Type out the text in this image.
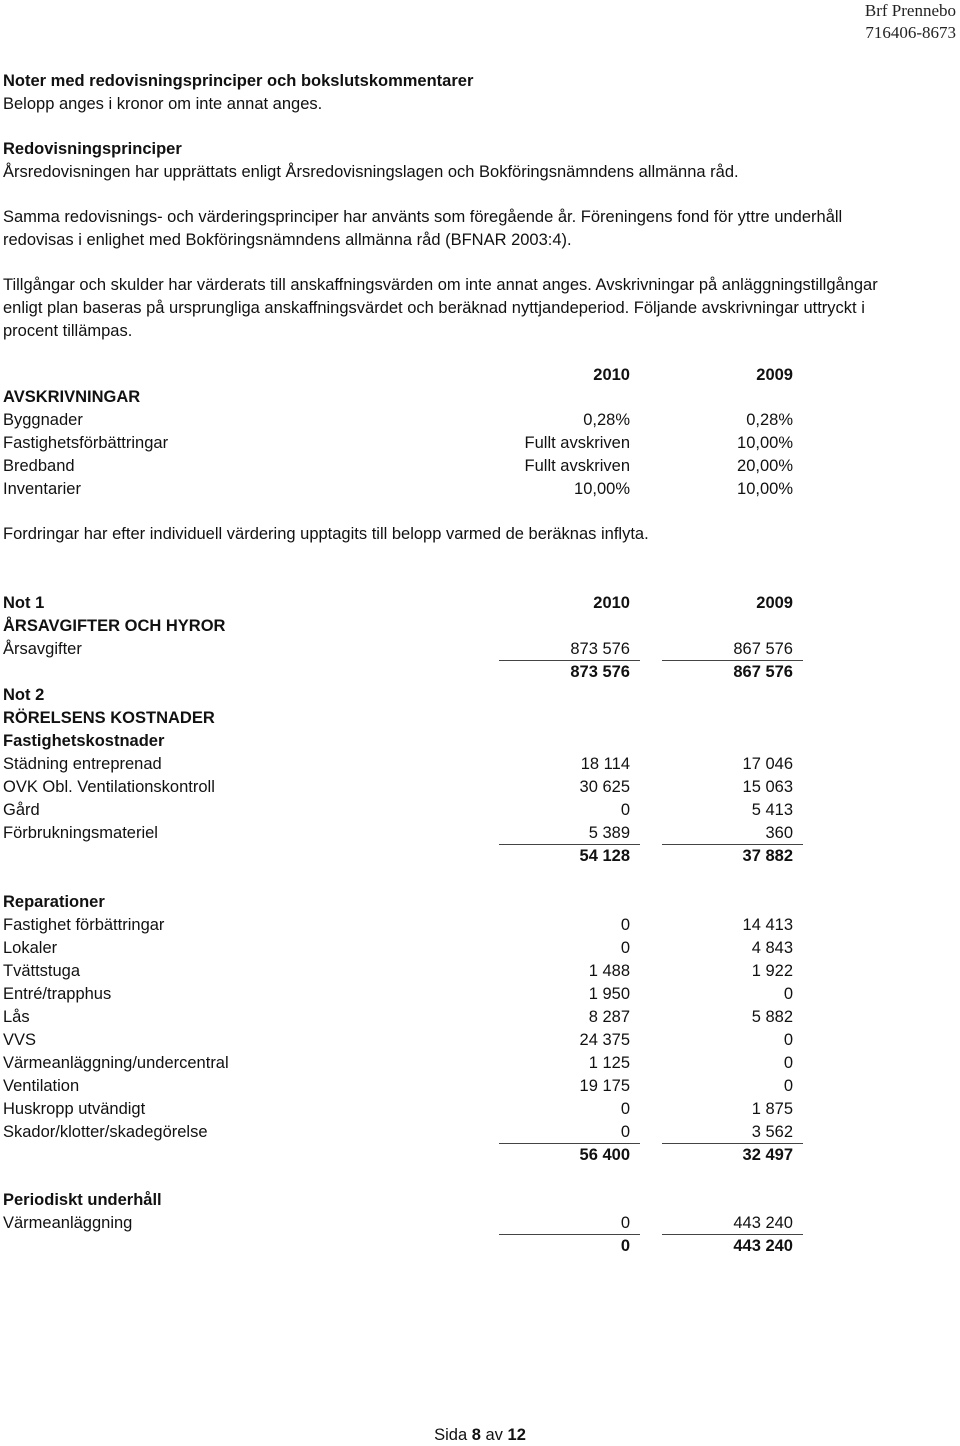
Brf Prennebo
716406-8673
Noter med redovisningsprinciper och bokslutskommentarer
Belopp anges i kronor om inte annat anges.
Redovisningsprinciper
Årsredovisningen har upprättats enligt Årsredovisningslagen och Bokföringsnämndens allmänna råd.
Samma redovisnings- och värderingsprinciper har använts som föregående år. Föreningens fond för yttre underhåll
redovisas i enlighet med Bokföringsnämndens allmänna råd (BFNAR 2003:4).
Tillgångar och skulder har värderats till anskaffningsvärden om inte annat anges. Avskrivningar på anläggningstillgångar
enligt plan baseras på ursprungliga anskaffningsvärdet och beräknad nyttjandeperiod. Följande avskrivningar uttryckt i
procent tillämpas.
2010	2009
AVSKRIVNINGAR
Byggnader	0,28%	0,28%
Fastighetsförbättringar	Fullt avskriven	10,00%
Bredband	Fullt avskriven	20,00%
Inventarier	10,00%	10,00%
Fordringar har efter individuell värdering upptagits till belopp varmed de beräknas inflyta.
Not 1	2010	2009
ÅRSAVGIFTER OCH HYROR
Årsavgifter	873 576	867 576
873 576	867 576
Not 2
RÖRELSENS KOSTNADER
Fastighetskostnader
Städning entreprenad	18 114	17 046
OVK Obl. Ventilationskontroll	30 625	15 063
Gård	0	5 413
Förbrukningsmateriel	5 389	360
54 128	37 882
Reparationer
Fastighet förbättringar	0	14 413
Lokaler	0	4 843
Tvättstuga	1 488	1 922
Entré/trapphus	1 950	0
Lås	8 287	5 882
VVS	24 375	0
Värmeanläggning/undercentral	1 125	0
Ventilation	19 175	0
Huskropp utvändigt	0	1 875
Skador/klotter/skadegörelse	0	3 562
56 400	32 497
Periodiskt underhåll
Värmeanläggning	0	443 240
0	443 240
Sida 8 av 12
